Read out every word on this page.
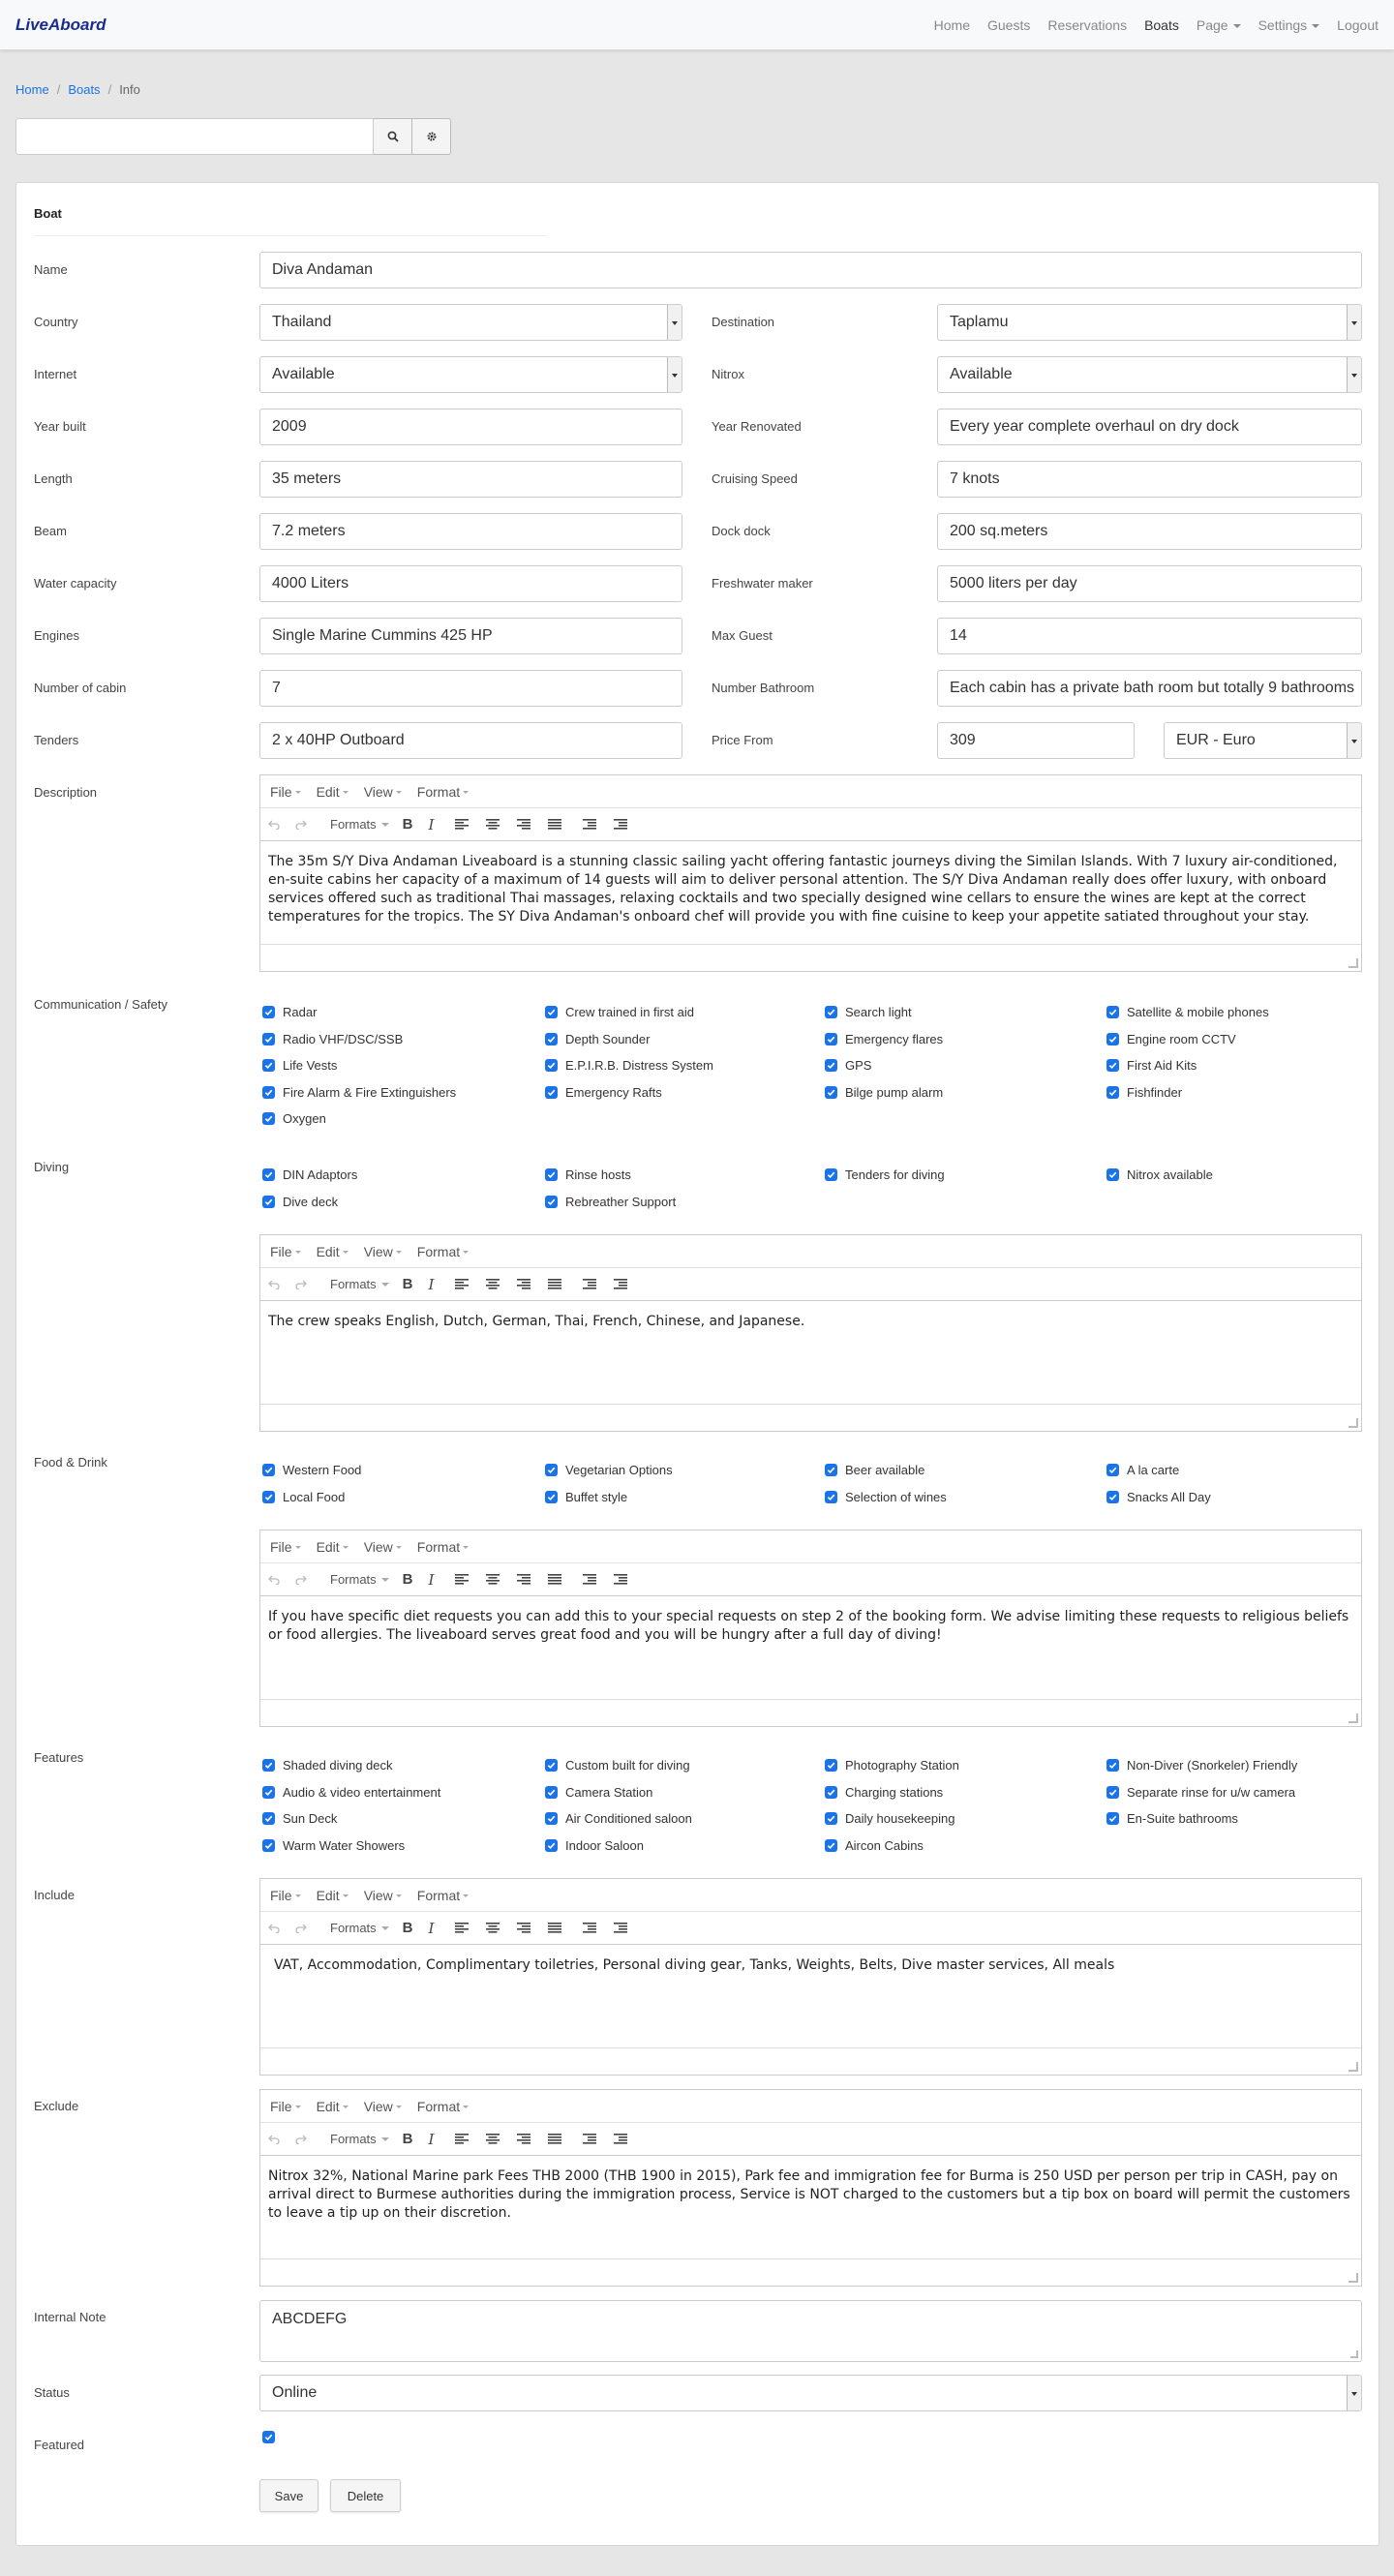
LiveAboard	Home Guests Reservations Boats Page	Settings	Logout
Home / Boats / Info
Boat
Name	Diva Andaman
Country	Thailand	Destination	Taplamu
Internet	Available	Nitrox	Available
Year built	2009	Year Renovated	Every year complete overhaul on dry dock
Length	35 meters	Cruising Speed	7 knots
Beam	7.2 meters	Dock dock	200 sq.meters
Water capacity	4000 Liters	Freshwater maker	5000 liters per day
Engines	Single Marine Cummins 425 HP	Max Guest	14
Number of cabin	7	Number Bathroom	Each cabin has a private bath room but totally 9 bathrooms
Tenders	2 x 40HP Outboard	Price From	309	EUR - Euro
Description	File	Edit	View	Format
Formats B I
The 35m S/Y Diva Andaman Liveaboard is a stunning classic sailing yacht offering fantastic journeys diving the Similan Islands. With 7 luxury air-conditioned, en-suite cabins her capacity of a maximum of 14 guests will aim to deliver personal attention. The S/Y Diva Andaman really does offer luxury, with onboard services offered such as traditional Thai massages, relaxing cocktails and two specially designed wine cellars to ensure the wines are kept at the correct temperatures for the tropics. The SY Diva Andaman's onboard chef will provide you with fine cuisine to keep your appetite satiated throughout your stay.
Communication / Safety
Diving
File	Edit	View	Format
Formats B I
The crew speaks English, Dutch, German, Thai, French, Chinese, and Japanese.
Food & Drink
File	Edit	View	Format
Formats B I
If you have specific diet requests you can add this to your special requests on step 2 of the booking form. We advise limiting these requests to religious beliefs or food allergies. The liveaboard serves great food and you will be hungry after a full day of diving!
Features
Include	File	Edit	View	Format
Formats B I
VAT, Accommodation, Complimentary toiletries, Personal diving gear, Tanks, Weights, Belts, Dive master services, All meals
Exclude	File	Edit	View	Format
Formats B I
Nitrox 32%, National Marine park Fees THB 2000 (THB 1900 in 2015), Park fee and immigration fee for Burma is 250 USD per person per trip in CASH, pay on arrival direct to Burmese authorities during the immigration process, Service is NOT charged to the customers but a tip box on board will permit the customers to leave a tip up on their discretion.
Internal Note	ABCDEFG
Status	Online
Featured
Save	Delete
Radar	Crew trained in first aid	Search light	Satellite & mobile phones
Radio VHF/DSC/SSB	Depth Sounder	Emergency flares	Engine room CCTV
Life Vests	E.P.I.R.B. Distress System	GPS	First Aid Kits
Fire Alarm & Fire Extinguishers	Emergency Rafts	Bilge pump alarm	Fishfinder
Oxygen
DIN Adaptors	Rinse hosts	Tenders for diving	Nitrox available
Dive deck	Rebreather Support
Western Food	Vegetarian Options	Beer available	A la carte
Local Food	Buffet style	Selection of wines	Snacks All Day
Shaded diving deck	Custom built for diving	Photography Station	Non-Diver (Snorkeler) Friendly
Audio & video entertainment	Camera Station	Charging stations	Separate rinse for u/w camera
Sun Deck	Air Conditioned saloon	Daily housekeeping	En-Suite bathrooms
Warm Water Showers	Indoor Saloon	Aircon Cabins
